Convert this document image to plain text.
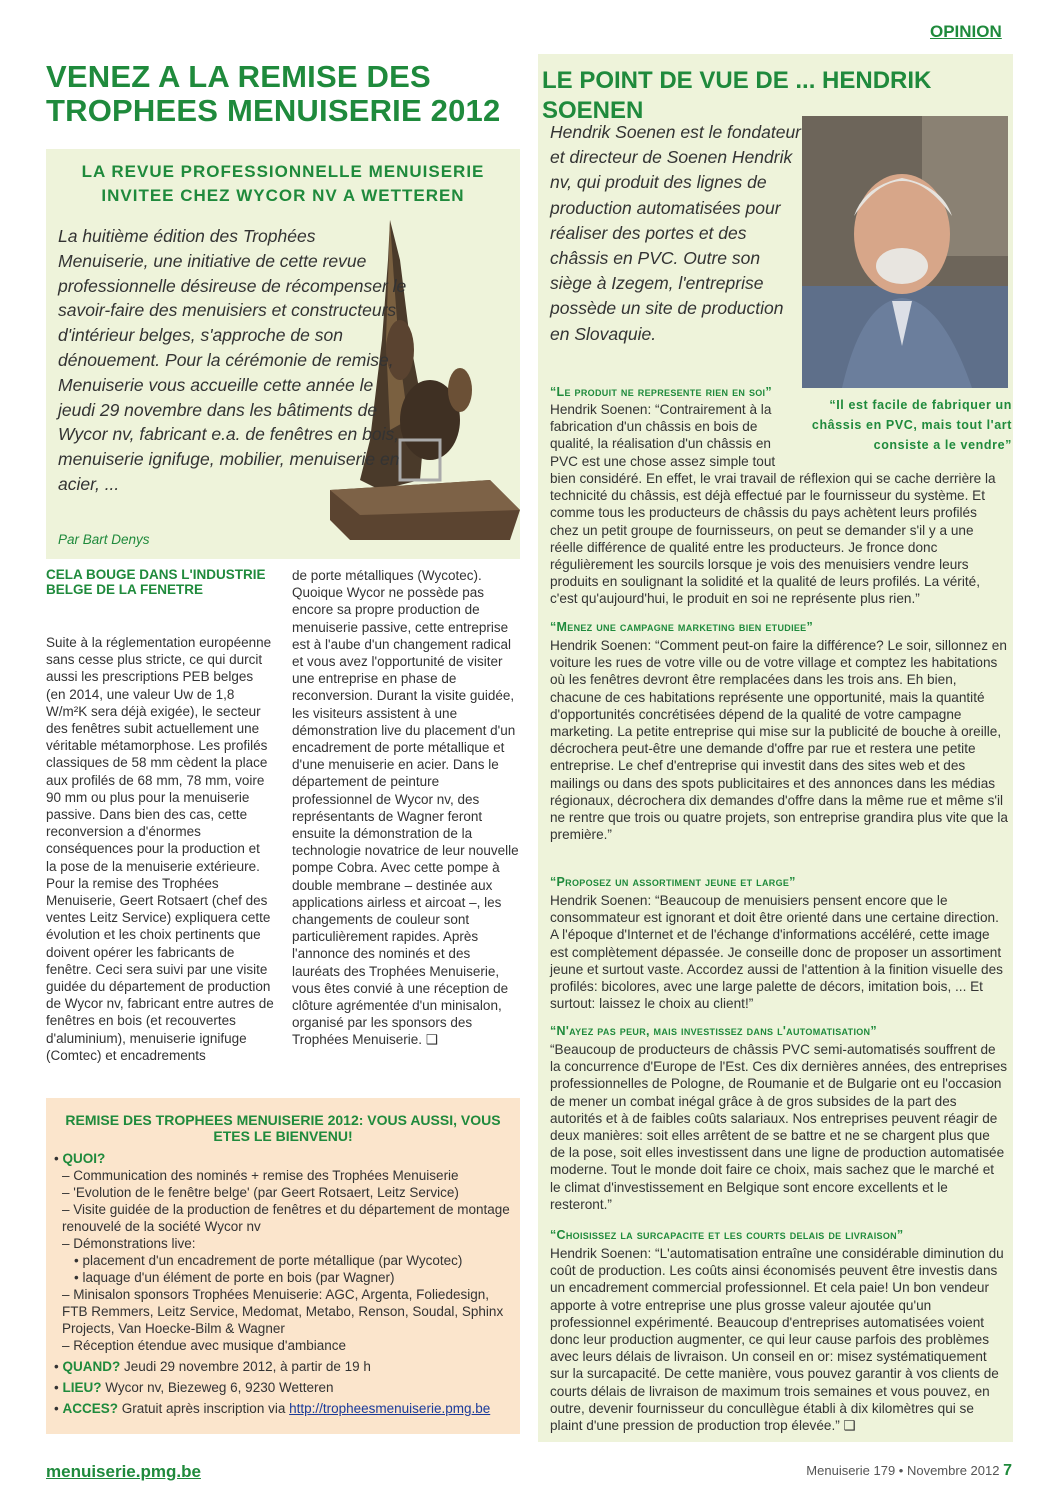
OPINION
VENEZ A LA REMISE DES TROPHEES MENUISERIE 2012
LA REVUE PROFESSIONNELLE MENUISERIE INVITEE CHEZ WYCOR NV A WETTEREN
La huitième édition des Trophées Menuiserie, une initiative de cette revue professionnelle désireuse de récompenser le savoir-faire des menuisiers et constructeurs d'intérieur belges, s'approche de son dénouement. Pour la cérémonie de remise, Menuiserie vous accueille cette année le jeudi 29 novembre dans les bâtiments de Wycor nv, fabricant e.a. de fenêtres en bois, menuiserie ignifuge, mobilier, menuiserie en acier, ...
Par Bart Denys
CELA BOUGE DANS L'INDUSTRIE BELGE DE LA FENETRE
Suite à la réglementation européenne sans cesse plus stricte, ce qui durcit aussi les prescriptions PEB belges (en 2014, une valeur Uw de 1,8 W/m²K sera déjà exigée), le secteur des fenêtres subit actuellement une véritable métamorphose. Les profilés classiques de 58 mm cèdent la place aux profilés de 68 mm, 78 mm, voire 90 mm ou plus pour la menuiserie passive. Dans bien des cas, cette reconversion a d'énormes conséquences pour la production et la pose de la menuiserie extérieure. Pour la remise des Trophées Menuiserie, Geert Rotsaert (chef des ventes Leitz Service) expliquera cette évolution et les choix pertinents que doivent opérer les fabricants de fenêtre. Ceci sera suivi par une visite guidée du département de production de Wycor nv, fabricant entre autres de fenêtres en bois (et recouvertes d'aluminium), menuiserie ignifuge (Comtec) et encadrements
de porte métalliques (Wycotec). Quoique Wycor ne possède pas encore sa propre production de menuiserie passive, cette entreprise est à l'aube d'un changement radical et vous avez l'opportunité de visiter une entreprise en phase de reconversion. Durant la visite guidée, les visiteurs assistent à une démonstration live du placement d'un encadrement de porte métallique et d'une menuiserie en acier. Dans le département de peinture professionnel de Wycor nv, des représentants de Wagner feront ensuite la démonstration de la technologie novatrice de leur nouvelle pompe Cobra. Avec cette pompe à double membrane – destinée aux applications airless et aircoat –, les changements de couleur sont particulièrement rapides. Après l'annonce des nominés et des lauréats des Trophées Menuiserie, vous êtes convié à une réception de clôture agrémentée d'un minisalon, organisé par les sponsors des Trophées Menuiserie. ❑
REMISE DES TROPHEES MENUISERIE 2012: VOUS AUSSI, VOUS ETES LE BIENVENU!
• QUOI?
– Communication des nominés + remise des Trophées Menuiserie
– 'Evolution de le fenêtre belge' (par Geert Rotsaert, Leitz Service)
– Visite guidée de la production de fenêtres et du département de montage renouvelé de la société Wycor nv
– Démonstrations live:
• placement d'un encadrement de porte métallique (par Wycotec)
• laquage d'un élément de porte en bois (par Wagner)
– Minisalon sponsors Trophées Menuiserie: AGC, Argenta, Foliedesign, FTB Remmers, Leitz Service, Medomat, Metabo, Renson, Soudal, Sphinx Projects, Van Hoecke-Bilm & Wagner
– Réception étendue avec musique d'ambiance
• QUAND? Jeudi 29 novembre 2012, à partir de 19 h
• LIEU? Wycor nv, Biezeweg 6, 9230 Wetteren
• ACCES? Gratuit après inscription via http://tropheesmenuiserie.pmg.be
LE POINT DE VUE DE ... HENDRIK SOENEN
Hendrik Soenen est le fondateur et directeur de Soenen Hendrik nv, qui produit des lignes de production automatisées pour réaliser des portes et des châssis en PVC. Outre son siège à Izegem, l'entreprise possède un site de production en Slovaquie.
“Il est facile de fabriquer un châssis en PVC, mais tout l'art consiste a le vendre”
“Le produit ne represente rien en soi”
Hendrik Soenen: “Contrairement à la fabrication d'un châssis en bois de qualité, la réalisation d'un châssis en PVC est une chose assez simple tout
bien considéré. En effet, le vrai travail de réflexion qui se cache derrière la technicité du châssis, est déjà effectué par le fournisseur du système. Et comme tous les producteurs de châssis du pays achètent leurs profilés chez un petit groupe de fournisseurs, on peut se demander s'il y a une réelle différence de qualité entre les producteurs. Je fronce donc régulièrement les sourcils lorsque je vois des menuisiers vendre leurs produits en soulignant la solidité et la qualité de leurs profilés. La vérité, c'est qu'aujourd'hui, le produit en soi ne représente plus rien.”
“Menez une campagne marketing bien etudiee”
Hendrik Soenen: “Comment peut-on faire la différence? Le soir, sillonnez en voiture les rues de votre ville ou de votre village et comptez les habitations où les fenêtres devront être remplacées dans les trois ans. Eh bien, chacune de ces habitations représente une opportunité, mais la quantité d'opportunités concrétisées dépend de la qualité de votre campagne marketing. La petite entreprise qui mise sur la publicité de bouche à oreille, décrochera peut-être une demande d'offre par rue et restera une petite entreprise. Le chef d'entreprise qui investit dans des sites web et des mailings ou dans des spots publicitaires et des annonces dans les médias régionaux, décrochera dix demandes d'offre dans la même rue et même s'il ne rentre que trois ou quatre projets, son entreprise grandira plus vite que la première.”
“Proposez un assortiment jeune et large”
Hendrik Soenen: “Beaucoup de menuisiers pensent encore que le consommateur est ignorant et doit être orienté dans une certaine direction. A l'époque d'Internet et de l'échange d'informations accéléré, cette image est complètement dépassée. Je conseille donc de proposer un assortiment jeune et surtout vaste. Accordez aussi de l'attention à la finition visuelle des profilés: bicolores, avec une large palette de décors, imitation bois, ... Et surtout: laissez le choix au client!”
“N'ayez pas peur, mais investissez dans l'automatisation”
“Beaucoup de producteurs de châssis PVC semi-automatisés souffrent de la concurrence d'Europe de l'Est. Ces dix dernières années, des entreprises professionnelles de Pologne, de Roumanie et de Bulgarie ont eu l'occasion de mener un combat inégal grâce à de gros subsides de la part des autorités et à de faibles coûts salariaux. Nos entreprises peuvent réagir de deux manières: soit elles arrêtent de se battre et ne se chargent plus que de la pose, soit elles investissent dans une ligne de production automatisée moderne. Tout le monde doit faire ce choix, mais sachez que le marché et le climat d'investissement en Belgique sont encore excellents et le resteront.”
“Choisissez la surcapacite et les courts delais de livraison”
Hendrik Soenen: “L'automatisation entraîne une considérable diminution du coût de production. Les coûts ainsi économisés peuvent être investis dans un encadrement commercial professionnel. Et cela paie! Un bon vendeur apporte à votre entreprise une plus grosse valeur ajoutée qu'un professionnel expérimenté. Beaucoup d'entreprises automatisées voient donc leur production augmenter, ce qui leur cause parfois des problèmes avec leurs délais de livraison. Un conseil en or: misez systématiquement sur la surcapacité. De cette manière, vous pouvez garantir à vos clients de courts délais de livraison de maximum trois semaines et vous pouvez, en outre, devenir fournisseur du concullègue établi à dix kilomètres qui se plaint d'une pression de production trop élevée.” ❑
menuiserie.pmg.be	Menuiserie 179 • Novembre 2012 7
